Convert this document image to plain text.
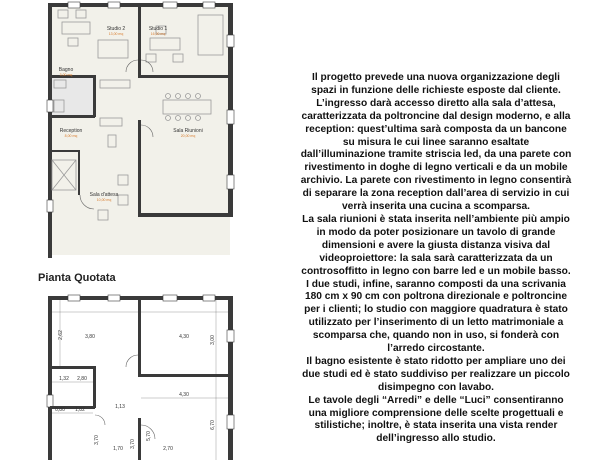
Studio 2
13,00 mq
Studio 1
16,00 mq
Bagno
3,00 mq
Reception
8,00 mq
Sala Riunioni
20,00 mq
Sala d'attesa
10,00 mq
Pianta Quotata
3,80	4,30
4,30
2,62
3,00
1,32 2,80
0,80 1,82	1,13
6,70
5,70
3,70	3,70
2,70
1,70

Il progetto prevede una nuova organizzazione degli spazi in funzione delle richieste esposte dal cliente.

L’ingresso darà accesso diretto alla sala d’attesa, caratterizzata da poltroncine dal design moderno, e alla reception: quest’ultima sarà composta da un bancone su misura le cui linee saranno esaltate dall’illuminazione tramite striscia led, da una parete con rivestimento in doghe di legno verticali e da un mobile archivio. La parete con rivestimento in legno consentirà di separare la zona reception dall’area di servizio in cui verrà inserita una cucina a scomparsa.

La sala riunioni è stata inserita nell’ambiente più ampio in modo da poter posizionare un tavolo di grande dimensioni e avere la giusta distanza visiva dal videoproiettore: la sala sarà caratterizzata da un controsoffitto in legno con barre led e un mobile basso.

I due studi, infine, saranno composti da una scrivania 180 cm x 90 cm con poltrona direzionale e poltroncine per i clienti; lo studio con maggiore quadratura è stato utilizzato per l’inserimento di un letto matrimoniale a scomparsa che, quando non in uso, si fonderà con l’arredo circostante.

Il bagno esistente è stato ridotto per ampliare uno dei due studi ed è stato suddiviso per realizzare un piccolo disimpegno con lavabo.

Le tavole degli “Arredi” e delle “Luci” consentiranno una migliore comprensione delle scelte progettuali e stilistiche; inoltre, è stata inserita una vista render dell’ingresso allo studio.
